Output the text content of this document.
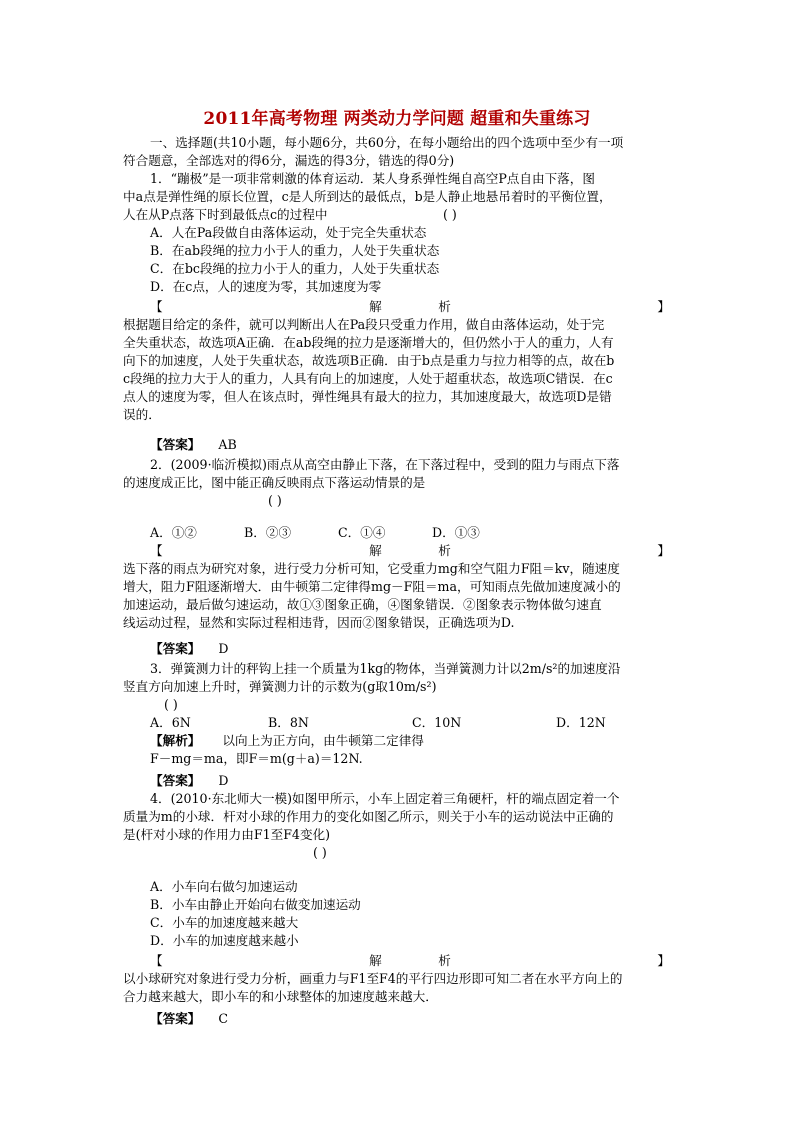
2011年高考物理 两类动力学问题 超重和失重练习
一、选择题(共10小题，每小题6分，共60分，在每小题给出的四个选项中至少有一项
符合题意，全部选对的得6分，漏选的得3分，错选的得0分)
1．“蹦极”是一项非常刺激的体育运动．某人身系弹性绳自高空P点自由下落，图
中a点是弹性绳的原长位置，c是人所到达的最低点，b是人静止地悬吊着时的平衡位置，
人在从P点落下时到最低点c的过程中	( )
A．人在Pa段做自由落体运动，处于完全失重状态
B．在ab段绳的拉力小于人的重力，人处于失重状态
C．在bc段绳的拉力小于人的重力，人处于失重状态
D．在c点，人的速度为零，其加速度为零
【	解	析	】
根据题目给定的条件，就可以判断出人在Pa段只受重力作用，做自由落体运动，处于完
全失重状态，故选项A正确．在ab段绳的拉力是逐渐增大的，但仍然小于人的重力，人有
向下的加速度，人处于失重状态，故选项B正确．由于b点是重力与拉力相等的点，故在b
c段绳的拉力大于人的重力，人具有向上的加速度，人处于超重状态，故选项C错误．在c
点人的速度为零，但人在该点时，弹性绳具有最大的拉力，其加速度最大，故选项D是错
误的．
【答案】 AB
2．(2009·临沂模拟)雨点从高空由静止下落，在下落过程中，受到的阻力与雨点下落
的速度成正比，图中能正确反映雨点下落运动情景的是
( )
A．①②	B．②③	C．①④	D．①③
【	解	析	】
选下落的雨点为研究对象，进行受力分析可知，它受重力mg和空气阻力F阻＝kv，随速度
增大，阻力F阻逐渐增大．由牛顿第二定律得mg－F阻＝ma，可知雨点先做加速度减小的
加速运动，最后做匀速运动，故①③图象正确，④图象错误．②图象表示物体做匀速直
线运动过程，显然和实际过程相违背，因而②图象错误，正确选项为D.
【答案】 D
3．弹簧测力计的秤钩上挂一个质量为1kg的物体，当弹簧测力计以2m/s²的加速度沿
竖直方向加速上升时，弹簧测力计的示数为(g取10m/s²)
( )
A．6N	B．8N	C．10N	D．12N
【解析】 以向上为正方向，由牛顿第二定律得
F－mg＝ma，即F＝m(g＋a)＝12N.
【答案】 D
4．(2010·东北师大一模)如图甲所示，小车上固定着三角硬杆，杆的端点固定着一个
质量为m的小球．杆对小球的作用力的变化如图乙所示，则关于小车的运动说法中正确的
是(杆对小球的作用力由F1至F4变化)
( )
A．小车向右做匀加速运动
B．小车由静止开始向右做变加速运动
C．小车的加速度越来越大
D．小车的加速度越来越小
【	解	析	】
以小球研究对象进行受力分析，画重力与F1至F4的平行四边形即可知二者在水平方向上的
合力越来越大，即小车的和小球整体的加速度越来越大．
【答案】 C
